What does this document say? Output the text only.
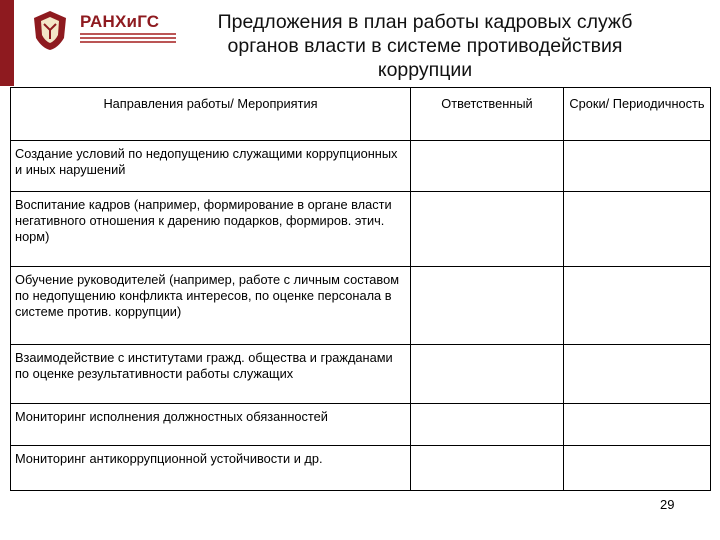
РАНХиГС	Предложения в план работы кадровых служб органов власти в системе противодействия коррупции
Направления работы/ Мероприятия	Ответственный	Сроки/ Периодичность
Создание условий по недопущению служащими коррупционных и иных нарушений		
Воспитание кадров (например, формирование в органе власти негативного отношения к дарению подарков, формиров. этич. норм)		
Обучение руководителей (например, работе с личным составом по недопущению конфликта интересов, по оценке персонала в системе против. коррупции)		
Взаимодействие с институтами гражд. общества и гражданами по оценке результативности работы служащих		
Мониторинг исполнения должностных обязанностей		
Мониторинг антикоррупционной устойчивости и др.		
29
